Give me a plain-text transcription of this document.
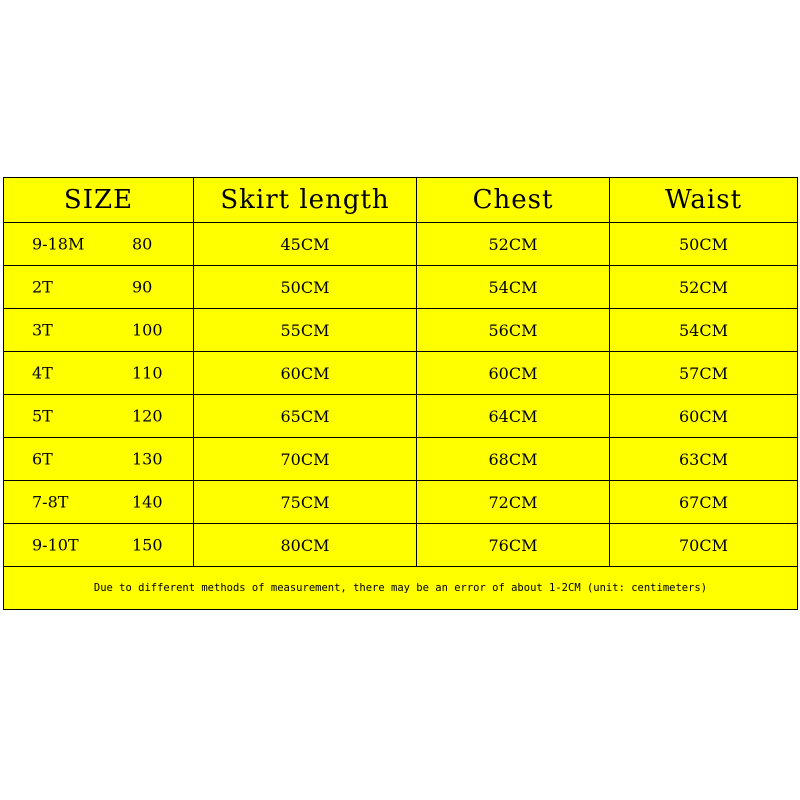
SIZE	Skirt length	Chest	Waist

9-18M 80	45CM	52CM	50CM

2T 90	50CM	54CM	52CM

3T 100	55CM	56CM	54CM

4T 110	60CM	60CM	57CM

5T 120	65CM	64CM	60CM

6T 130	70CM	68CM	63CM

7-8T 140	75CM	72CM	67CM

9-10T 150	80CM	76CM	70CM
Due to different methods of measurement, there may be an error of about 1-2CM (unit: centimeters)			
